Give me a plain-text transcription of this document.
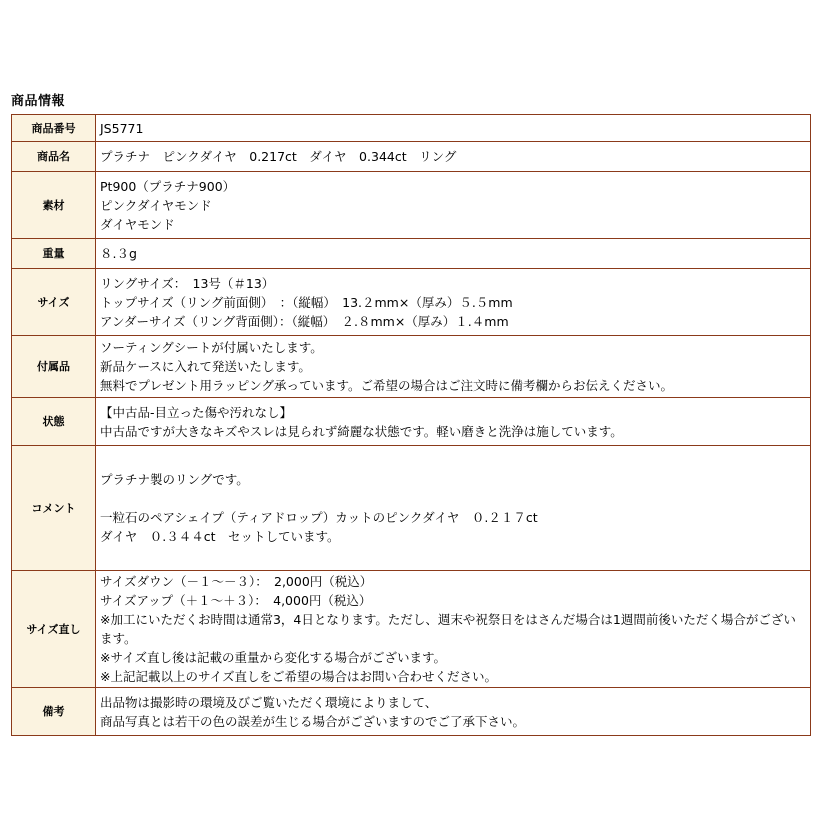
商品情報
商品番号	JS5771

商品名	プラチナ　ピンクダイヤ　0.217ct　ダイヤ　0.344ct　リング

素材	Pt900（プラチナ900）
ピンクダイヤモンド
ダイヤモンド

重量	８.３g

サイズ	リングサイズ：　13号（＃13）
トップサイズ（リング前面側）　：（縦幅）　13.２mm×（厚み）５.５mm
アンダーサイズ（リング背面側）：（縦幅）　２.８mm×（厚み）１.４mm

付属品	ソーティングシートが付属いたします。
新品ケースに入れて発送いたします。
無料でプレゼント用ラッピング承っています。ご希望の場合はご注文時に備考欄からお伝えください。

状態	【中古品-目立った傷や汚れなし】
中古品ですが大きなキズやスレは見られず綺麗な状態です。軽い磨きと洗浄は施しています。

コメント	プラチナ製のリングです。
一粒石のペアシェイプ（ティアドロップ）カットのピンクダイヤ　０.２１７ct
ダイヤ　０.３４４ct　セットしています。

サイズ直し	サイズダウン（－１～－３）：　2,000円（税込）
サイズアップ（＋１～＋３）：　4,000円（税込）
※加工にいただくお時間は通常3，4日となります。ただし、週末や祝祭日をはさんだ場合は1週間前後いただく場合がございます。
※サイズ直し後は記載の重量から変化する場合がございます。
※上記記載以上のサイズ直しをご希望の場合はお問い合わせください。

備考	出品物は撮影時の環境及びご覧いただく環境によりまして、
商品写真とは若干の色の誤差が生じる場合がございますのでご了承下さい。
